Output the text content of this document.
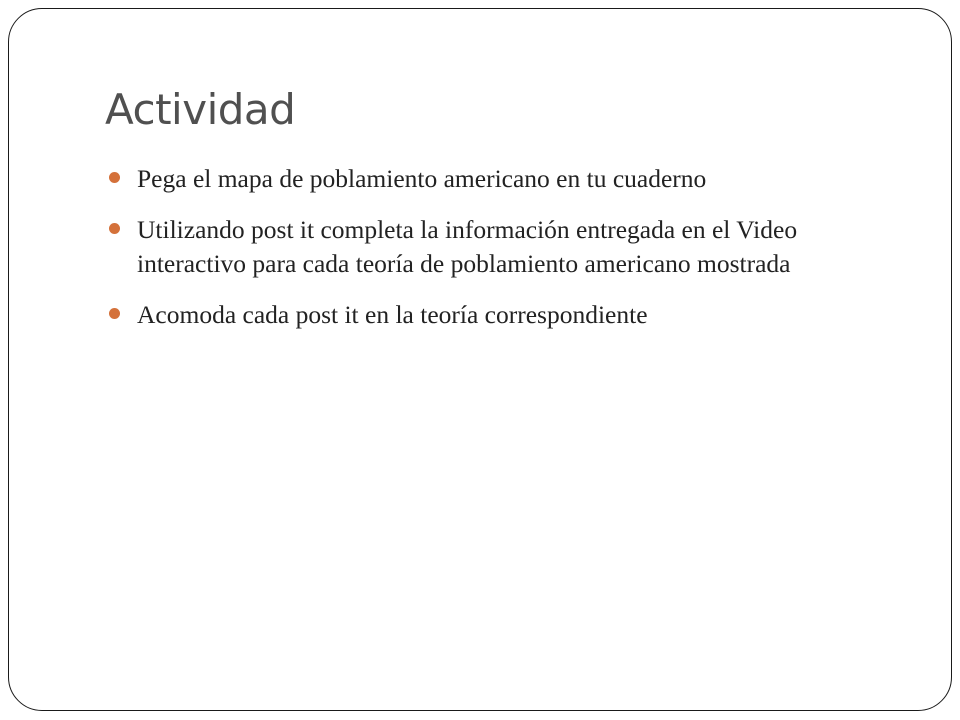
Actividad
Pega el mapa de poblamiento americano en tu cuaderno
Utilizando post it completa la información entregada en el Video interactivo para cada teoría de poblamiento americano mostrada
Acomoda cada post it en la teoría correspondiente
